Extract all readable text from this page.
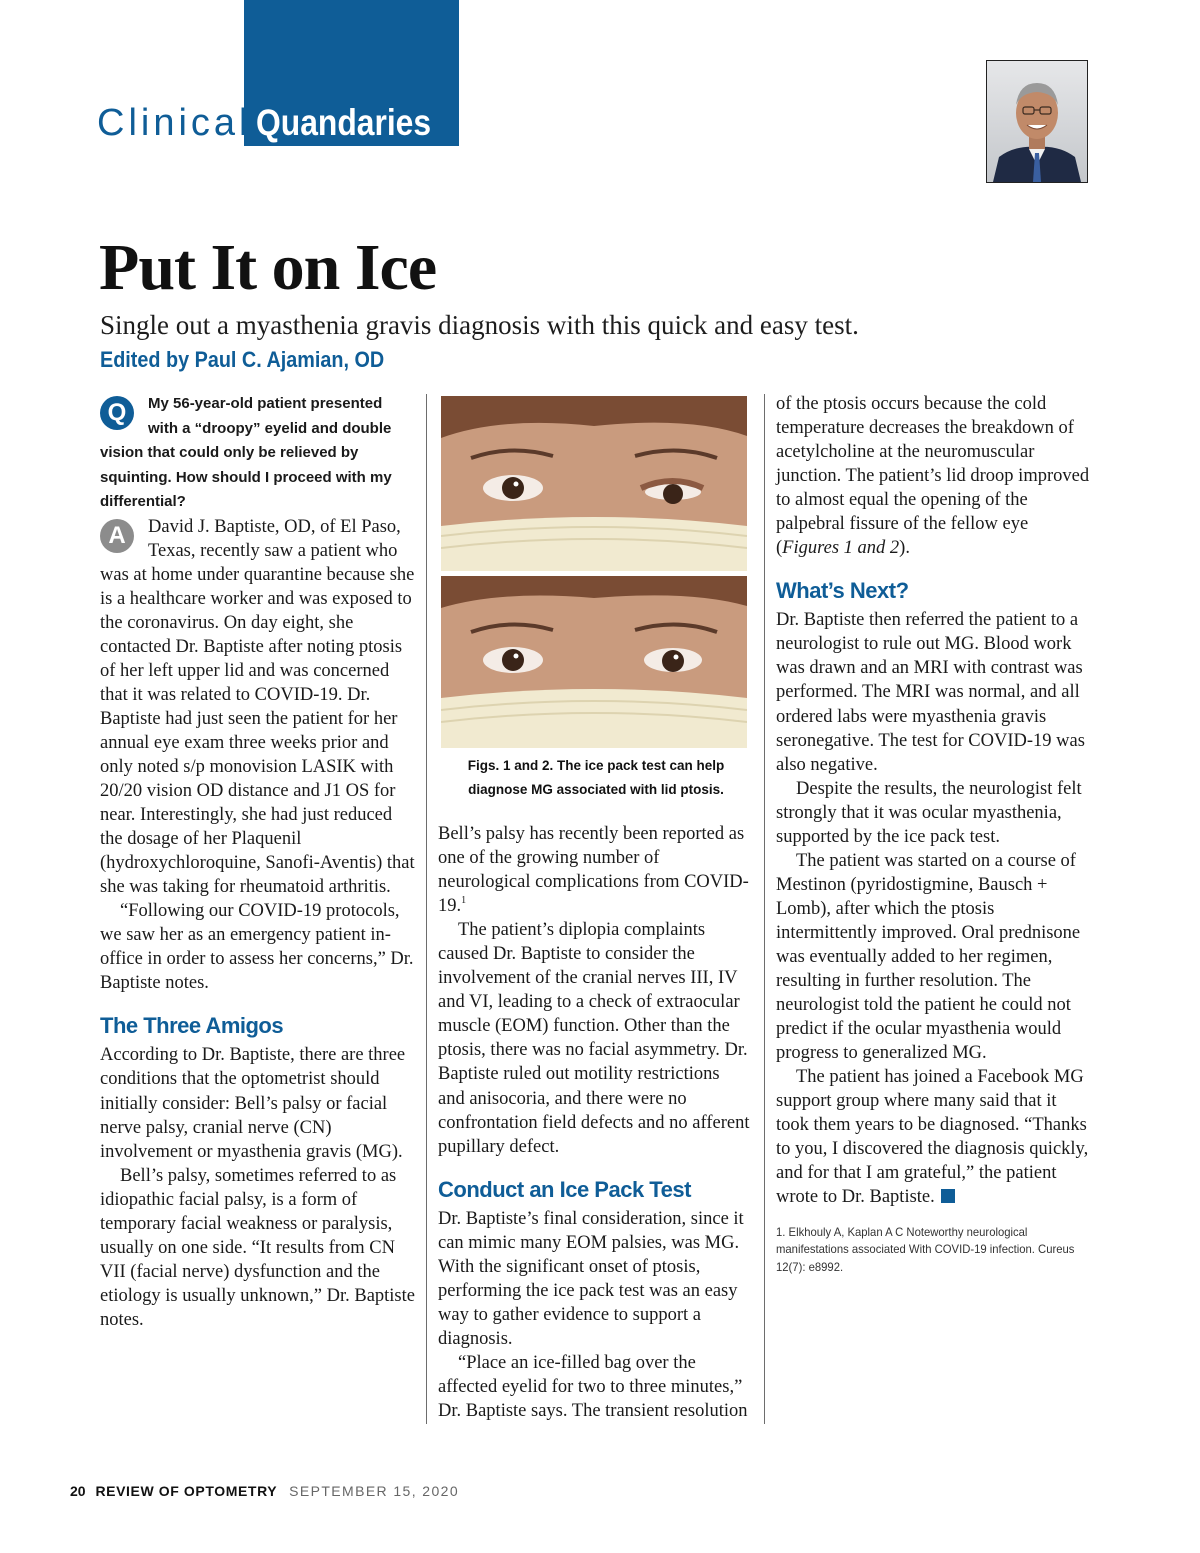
Clinical Quandaries
Put It on Ice
Single out a myasthenia gravis diagnosis with this quick and easy test.
Edited by Paul C. Ajamian, OD

Q	My 56-year-old patient presented with a “droopy” eyelid and double vision that could only be relieved by squinting. How should I proceed with my differential?

A	David J. Baptiste, OD, of El Paso, Texas, recently saw a patient who was at home under quarantine because she is a healthcare worker and was exposed to the coronavirus. On day eight, she contacted Dr. Baptiste after noting ptosis of her left upper lid and was concerned that it was related to COVID-19. Dr. Baptiste had just seen the patient for her annual eye exam three weeks prior and only noted s/p monovision LASIK with 20/20 vision OD distance and J1 OS for near. Interestingly, she had just reduced the dosage of her Plaquenil (hydroxychloroquine, Sanofi-Aventis) that she was taking for rheumatoid arthritis.

“Following our COVID-19 protocols, we saw her as an emergency patient in-office in order to assess her concerns,” Dr. Baptiste notes.

The Three Amigos

According to Dr. Baptiste, there are three conditions that the optometrist should initially consider: Bell’s palsy or facial nerve palsy, cranial nerve (CN) involvement or myasthenia gravis (MG).

Bell’s palsy, sometimes referred to as idiopathic facial palsy, is a form of temporary facial weakness or paralysis, usually on one side. “It results from CN VII (facial nerve) dysfunction and the etiology is usually unknown,” Dr. Baptiste notes.

Figs. 1 and 2. The ice pack test can help diagnose MG associated with lid ptosis.

Bell’s palsy has recently been reported as one of the growing number of neurological complications from COVID-19.$^1$

The patient’s diplopia complaints caused Dr. Baptiste to consider the involvement of the cranial nerves III, IV and VI, leading to a check of extraocular muscle (EOM) function. Other than the ptosis, there was no facial asymmetry. Dr. Baptiste ruled out motility restrictions and anisocoria, and there were no confrontation field defects and no afferent pupillary defect.

Conduct an Ice Pack Test

Dr. Baptiste’s final consideration, since it can mimic many EOM palsies, was MG. With the significant onset of ptosis, performing the ice pack test was an easy way to gather evidence to support a diagnosis.

“Place an ice-filled bag over the affected eyelid for two to three minutes,” Dr. Baptiste says. The transient resolution

of the ptosis occurs because the cold temperature decreases the breakdown of acetylcholine at the neuromuscular junction. The patient’s lid droop improved to almost equal the opening of the palpebral fissure of the fellow eye (Figures 1 and 2).

What’s Next?

Dr. Baptiste then referred the patient to a neurologist to rule out MG. Blood work was drawn and an MRI with contrast was performed. The MRI was normal, and all ordered labs were myasthenia gravis seronegative. The test for COVID-19 was also negative.

Despite the results, the neurologist felt strongly that it was ocular myasthenia, supported by the ice pack test.

The patient was started on a course of Mestinon (pyridostigmine, Bausch + Lomb), after which the ptosis intermittently improved. Oral prednisone was eventually added to her regimen, resulting in further resolution. The neurologist told the patient he could not predict if the ocular myasthenia would progress to generalized MG.

The patient has joined a Facebook MG support group where many said that it took them years to be diagnosed. “Thanks to you, I discovered the diagnosis quickly, and for that I am grateful,” the patient wrote to Dr. Baptiste.

1. Elkhouly A, Kaplan A C Noteworthy neurological manifestations associated With COVID-19 infection. Cureus 12(7): e8992.

20 REVIEW OF OPTOMETRY SEPTEMBER 15, 2020
